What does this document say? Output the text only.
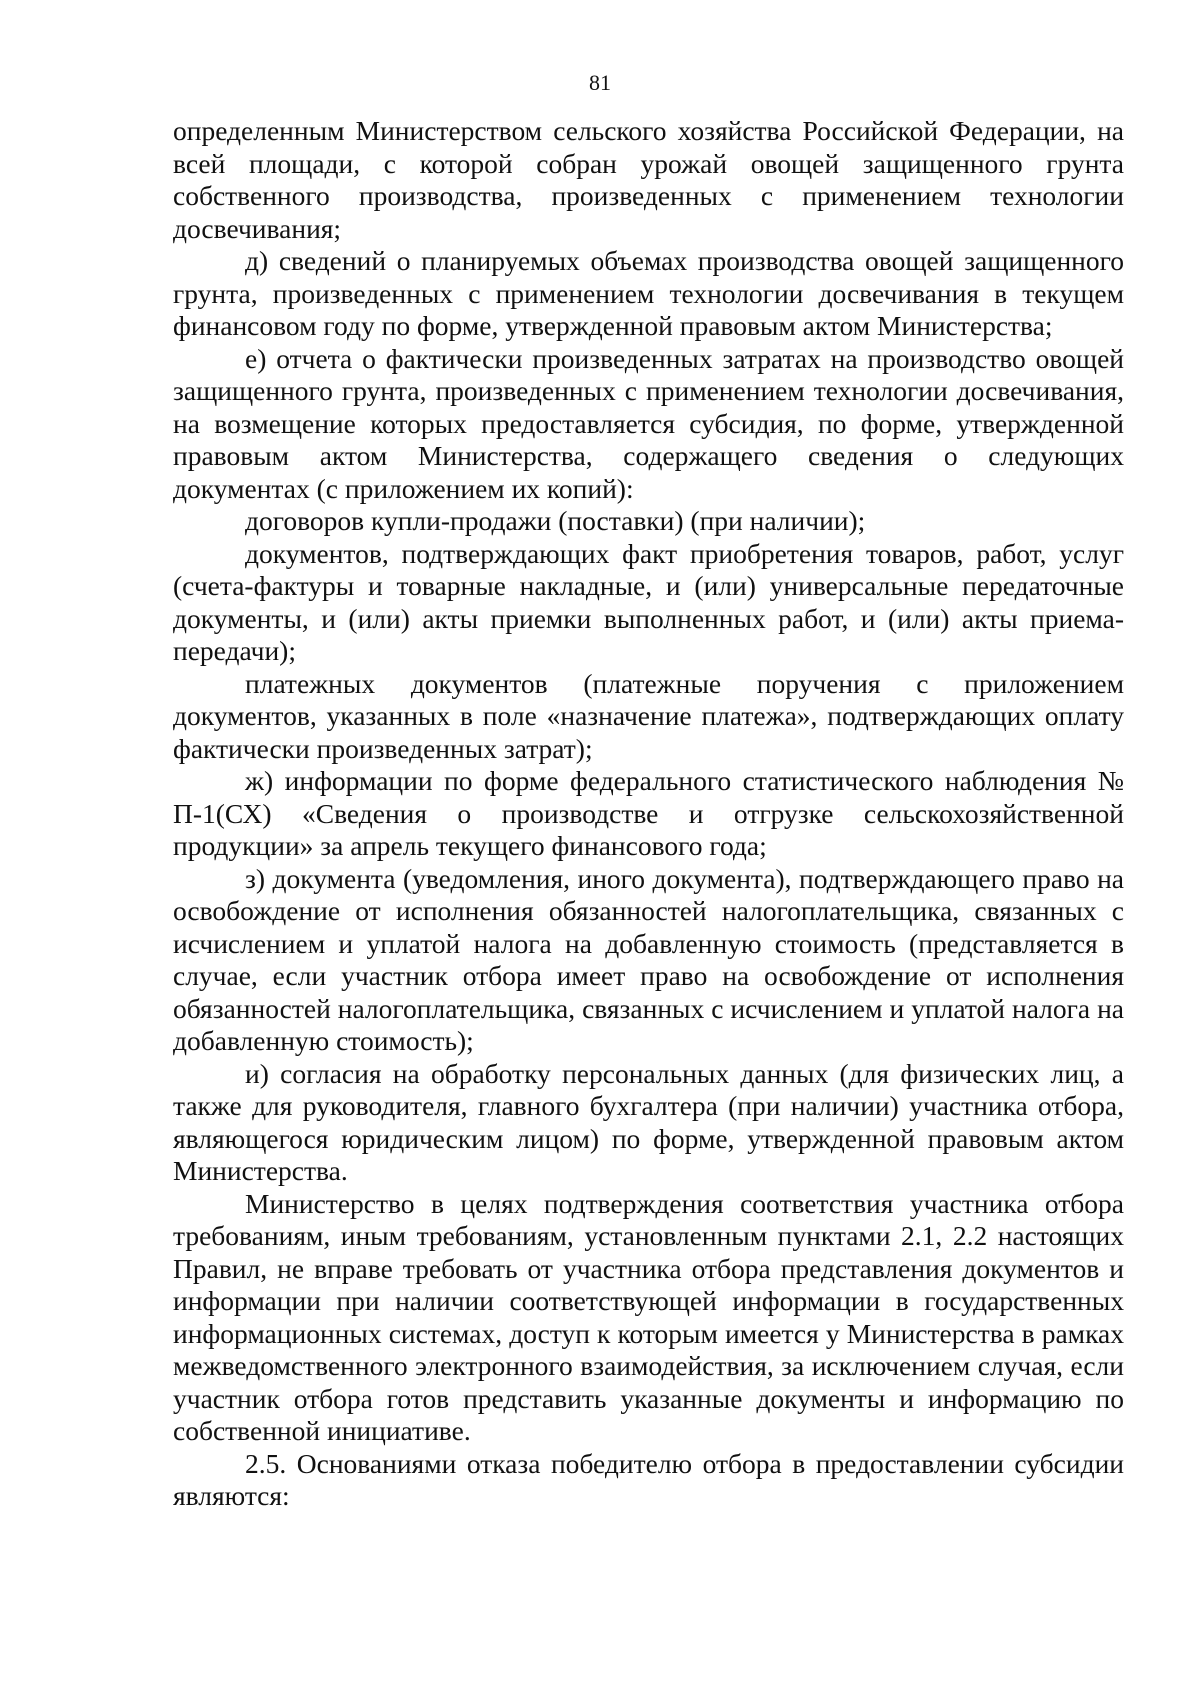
81

определенным Министерством сельского хозяйства Российской Федерации, на всей площади, с которой собран урожай овощей защищенного грунта собственного производства, произведенных с применением технологии досвечивания;

д) сведений о планируемых объемах производства овощей защищенного грунта, произведенных с применением технологии досвечивания в текущем финансовом году по форме, утвержденной правовым актом Министерства;

е) отчета о фактически произведенных затратах на производство овощей защищенного грунта, произведенных с применением технологии досвечивания, на возмещение которых предоставляется субсидия, по форме, утвержденной правовым актом Министерства, содержащего сведения о следующих документах (с приложением их копий):

договоров купли-продажи (поставки) (при наличии);

документов, подтверждающих факт приобретения товаров, работ, услуг (счета-фактуры и товарные накладные, и (или) универсальные передаточные документы, и (или) акты приемки выполненных работ, и (или) акты приема-передачи);

платежных документов (платежные поручения с приложением документов, указанных в поле «назначение платежа», подтверждающих оплату фактически произведенных затрат);

ж) информации по форме федерального статистического наблюдения № П-1(СХ) «Сведения о производстве и отгрузке сельскохозяйственной продукции» за апрель текущего финансового года;

з) документа (уведомления, иного документа), подтверждающего право на освобождение от исполнения обязанностей налогоплательщика, связанных с исчислением и уплатой налога на добавленную стоимость (представляется в случае, если участник отбора имеет право на освобождение от исполнения обязанностей налогоплательщика, связанных с исчислением и уплатой налога на добавленную стоимость);

и) согласия на обработку персональных данных (для физических лиц, а также для руководителя, главного бухгалтера (при наличии) участника отбора, являющегося юридическим лицом) по форме, утвержденной правовым актом Министерства.

Министерство в целях подтверждения соответствия участника отбора требованиям, иным требованиям, установленным пунктами 2.1, 2.2 настоящих Правил, не вправе требовать от участника отбора представления документов и информации при наличии соответствующей информации в государственных информационных системах, доступ к которым имеется у Министерства в рамках межведомственного электронного взаимодействия, за исключением случая, если участник отбора готов представить указанные документы и информацию по собственной инициативе.

2.5. Основаниями отказа победителю отбора в предоставлении субсидии являются:
